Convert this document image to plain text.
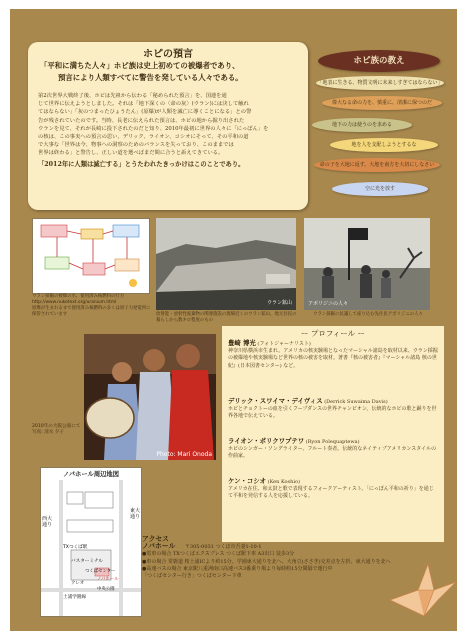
ホピの預言
「平和に満ちた人々」ホピ族は史上初めての被爆者であり、
預言により人類すべてに警告を発している人々である。
第2次世界大戦終了後、ホピは先祖から伝わる「秘められた預言」を、国連を通
じて世界に伝えようとしました。それは「地下深くの〈命の灰〉(ウラン)には決して触れ
てはならない」「灰のつまったひょうたん」(原爆)が人類を滅亡に導くことになる」との警
告が残されていたのです。当時、長老に伝えられた預言は、ホピの地から掘り出された
ウランを見て、それが長崎に投下されたのだと知り、2010年最初に世界の人々に「にっぽん」を
の核は、この事実への預言の思い、デリック、ライオン、コシオにそって、その平和の道
で大事な「世界は今、物事への洞察のためのバランスを失っており、このままでは
世界は終わる」と警告し、正しい道を選べばまだ間に合うと訴えてきている。
「2012年に人類は滅亡する」とうたわれたきっかけはこのことであり。
ホピ族の教え
「地表に生きる、物質文明に未来しすぎてはならない」
偉大なる命の力を、慎重に、清潔に保つのだ
地下の力は使うのを求める
地を人を支配しようとするな
命の子を大地に返す。大地を南方を大切にしなさい
空に光を放す
ウラン採掘の被爆の水、使用済み核燃料の行方
http://www.nuketext.org/uranium.html
原爆が生まれるまで使用済み核燃料の多くは原子力発電所に保管されています
ウラン鉱山
放射能・放射性廃棄物の関連施設の現場近くのウラン鉱山、地元住民の暮らしから数キロ程度のもの
アボリジニの人々
ウラン採掘に抗議して座り込む先住民アボリジニの人々
Photo: Mari Onoda
2010年の大阪公演にて
写真: 清水 夕子
ー プロフィール ー
豊崎 博光 (フォトジャーナリスト)
神奈川県横浜市生まれ。アメリカの核実験場となったマーシャル諸島を取材以来、ウラン採掘の被爆地や核実験場など世界の核の被害を取材。著書『核の被害者』『マーシャル諸島 核の世紀』(日本図書センター) など。
デリック・スワイマ・デイヴィス (Derrick Suwaima Davis)
ホピとチョクトーの血を引くフープダンスの世界チャンピオン。伝統的なホピの歌と踊りを世界各地で伝えている。
ライオン・ポリクワプテワ (Ryon Polequaptewa)
ホピのシンガー・ソングライター、フルート奏者。伝統的なネイティブアメリカンスタイルの作曲家。
ケン・コシオ (Ken Koshio)
アメリカ在住、和太鼓と歌で表現するフォークアーティスト。「にっぽん平和の祈り」を通じて平和を発信する人を応援している。
ノバホール周辺地図
西大通り
東大通り
TXつくば駅
バスターミナル
つくばセンター
ノバホール
土浦学園線
中央公園
クレオ
アクセス
ノバホール 〒305-0031 つくば市吾妻1-10-1
●電車の場合 TXつくばエクスプレス つくば駅下車 A3出口 徒歩3分
●車の場合 常磐道 桜土浦ICより約15分。学園東大通りを北へ、大角豆(ささぎ)交差点を左折、東大通りを北へ
●高速バスの場合 東京駅八重洲南口高速バス3番乗り場より毎時約15分間隔で運行中
「つくばセンター行き」つくばセンター下車
